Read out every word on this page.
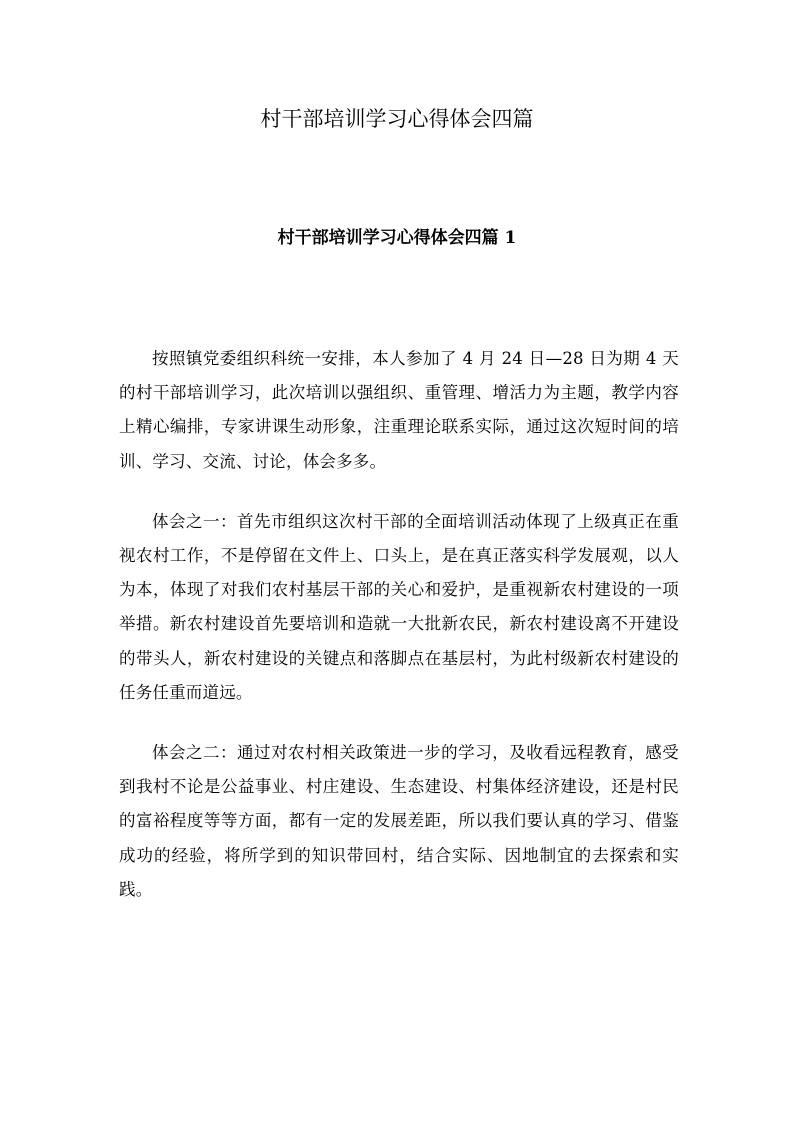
村干部培训学习心得体会四篇
村干部培训学习心得体会四篇 1

按照镇党委组织科统一安排，本人参加了 4 月 24 日—28 日为期 4 天的村干部培训学习，此次培训以强组织、重管理、增活力为主题，教学内容上精心编排，专家讲课生动形象，注重理论联系实际，通过这次短时间的培训、学习、交流、讨论，体会多多。

体会之一：首先市组织这次村干部的全面培训活动体现了上级真正在重视农村工作，不是停留在文件上、口头上，是在真正落实科学发展观，以人为本，体现了对我们农村基层干部的关心和爱护，是重视新农村建设的一项举措。新农村建设首先要培训和造就一大批新农民，新农村建设离不开建设的带头人，新农村建设的关键点和落脚点在基层村，为此村级新农村建设的任务任重而道远。

体会之二：通过对农村相关政策进一步的学习，及收看远程教育，感受到我村不论是公益事业、村庄建设、生态建设、村集体经济建设，还是村民的富裕程度等等方面，都有一定的发展差距，所以我们要认真的学习、借鉴成功的经验，将所学到的知识带回村，结合实际、因地制宜的去探索和实践。
